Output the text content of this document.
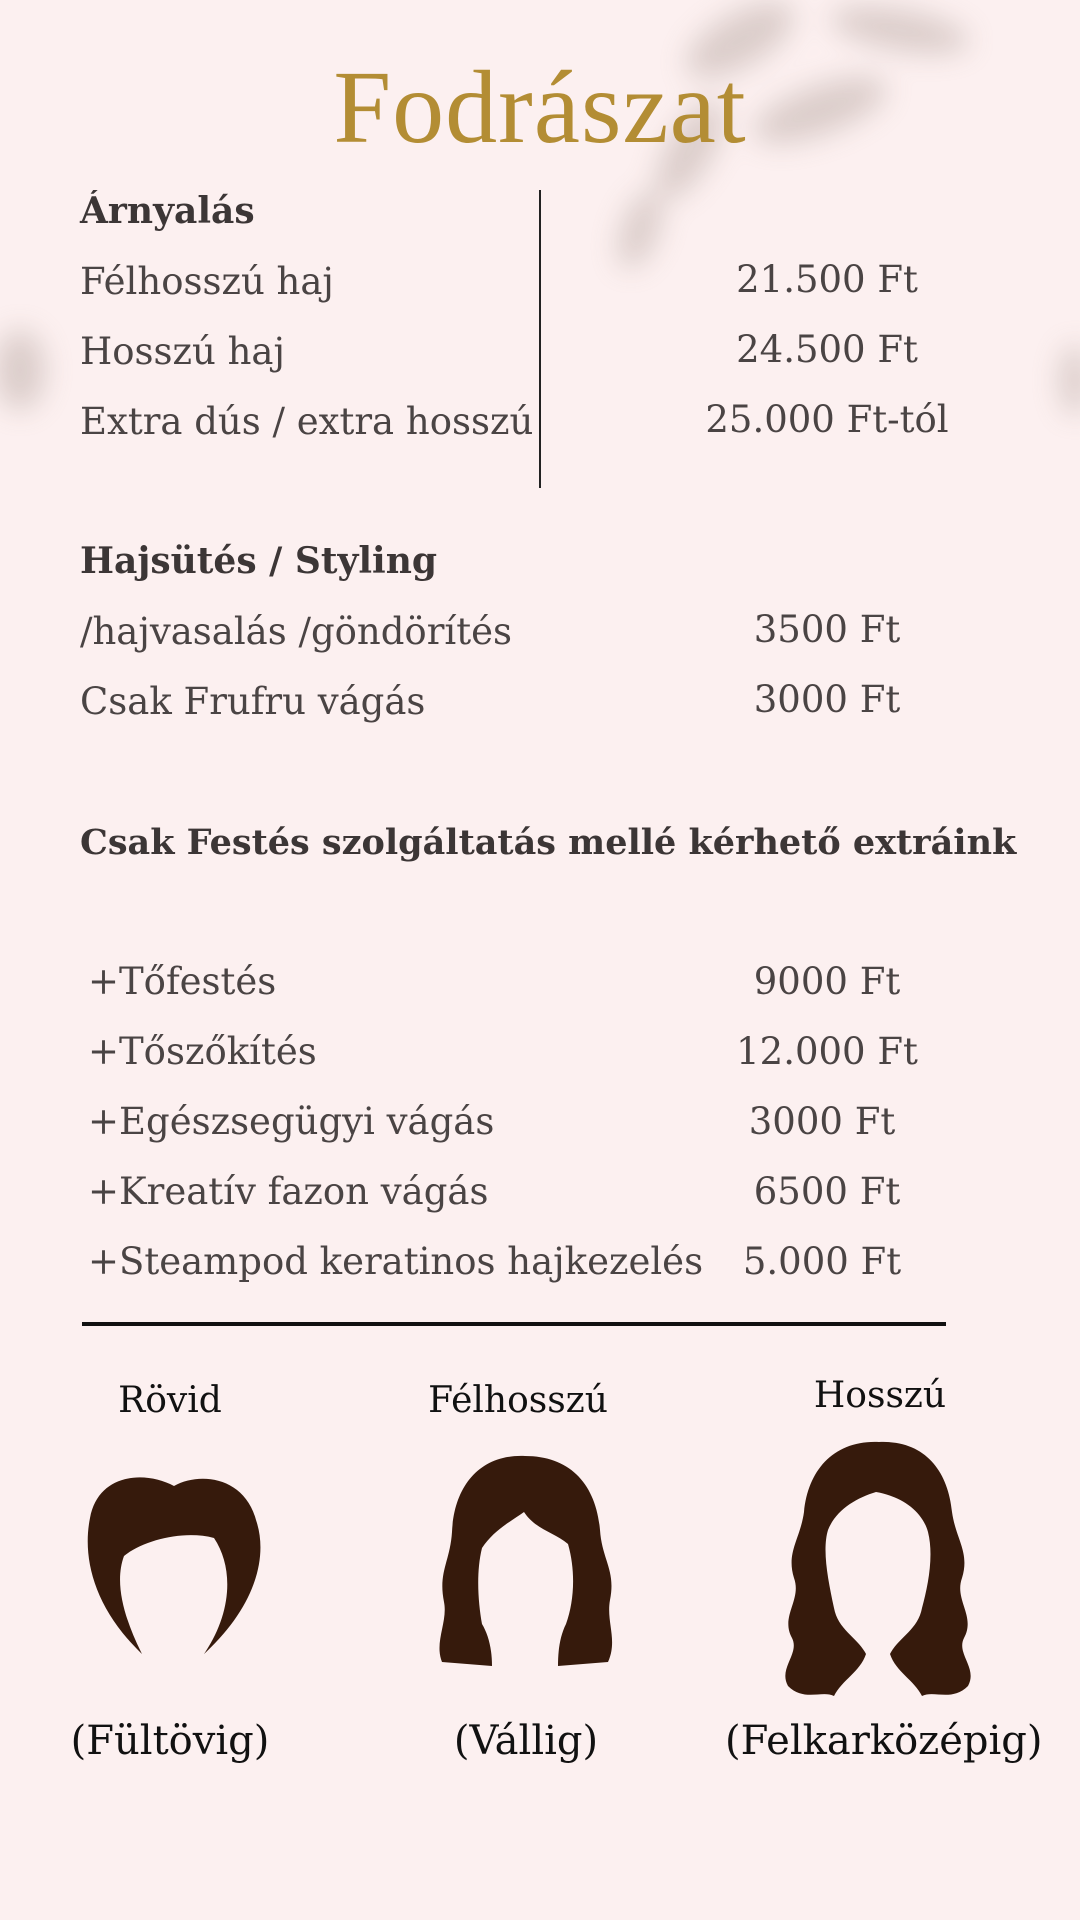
Fodrászat
Árnyalás
Félhosszú haj	21.500 Ft
Hosszú haj	24.500 Ft
Extra dús / extra hosszú	25.000 Ft-tól
Hajsütés / Styling
/hajvasalás /göndörítés	3500 Ft
Csak Frufru vágás	3000 Ft
Csak Festés szolgáltatás mellé kérhető extráink
+Tőfestés	9000 Ft
+Tőszőkítés	12.000 Ft
+Egészsegügyi vágás	3000 Ft
+Kreatív fazon vágás	6500 Ft
+Steampod keratinos hajkezelés	5.000 Ft
Rövid	Félhosszú	Hosszú
(Fültövig)	(Vállig)	(Felkarközépig)
